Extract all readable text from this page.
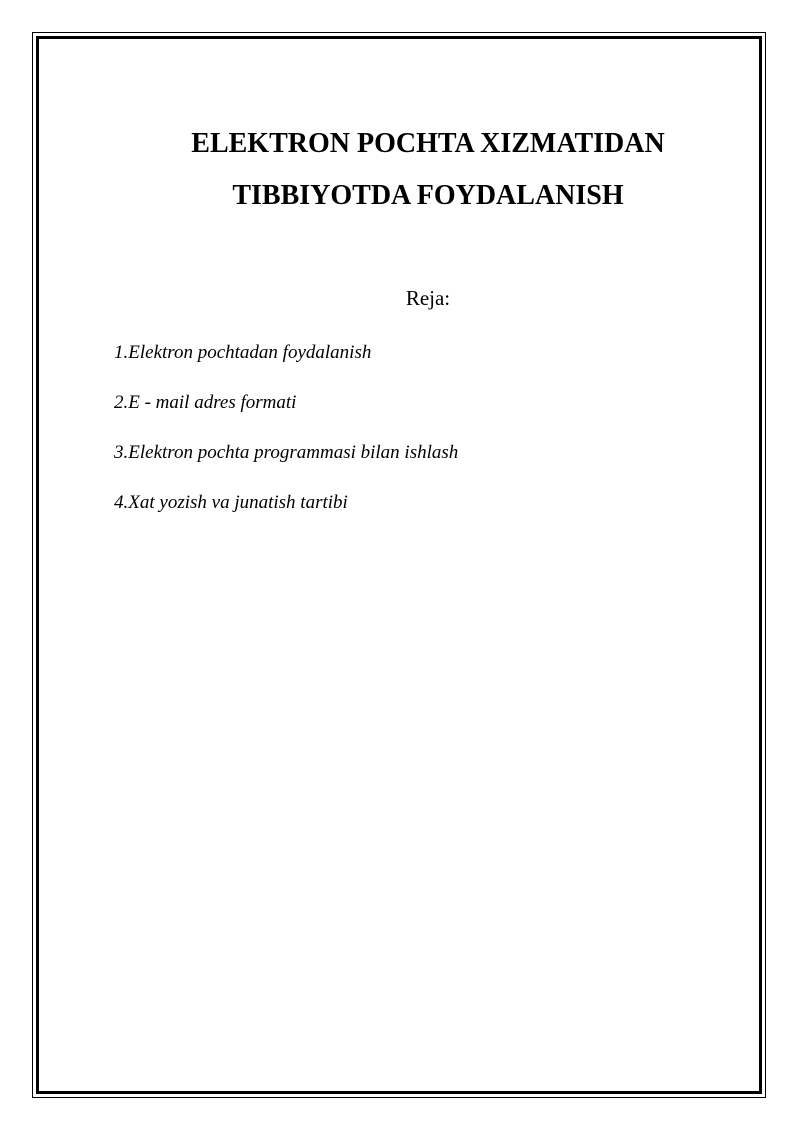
ELEKTRON POCHTA XIZMATIDAN
TIBBIYOTDA FOYDALANISH
Reja:
1.Elektron pochtadan foydalanish
2.E - mail adres formati
3.Elektron pochta programmasi bilan ishlash
4.Xat yozish va junatish tartibi
